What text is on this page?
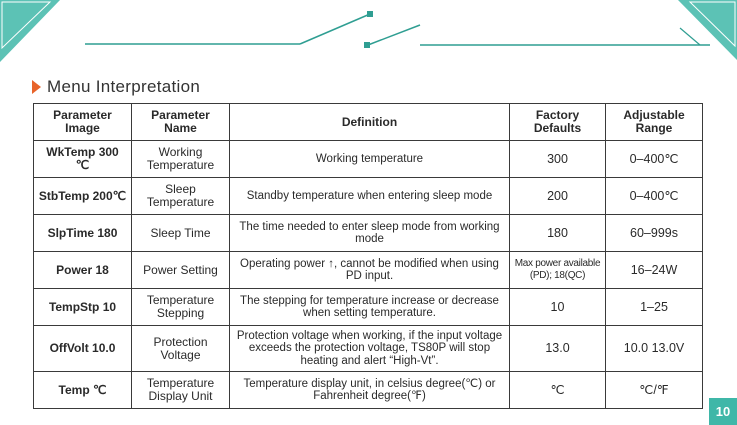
Menu Interpretation
Parameter Image	Parameter Name	Definition	Factory Defaults	Adjustable Range
WkTemp 300 ℃	Working Temperature	Working temperature	300	0–400℃
StbTemp 200℃	Sleep Temperature	Standby temperature when entering sleep mode	200	0–400℃
SlpTime 180	Sleep Time	The time needed to enter sleep mode from working mode	180	60–999s
Power 18	Power Setting	Operating power ↑, cannot be modified when using PD input.	Max power available (PD); 18(QC)	16–24W
TempStp 10	Temperature Stepping	The stepping for temperature increase or decrease when setting temperature.	10	1–25
OffVolt 10.0	Protection Voltage	Protection voltage when working, if the input voltage exceeds the protection voltage, TS80P will stop heating and alert “High-Vt”.	13.0	10.0 13.0V
Temp ℃	Temperature Display Unit	Temperature display unit, in celsius degree(℃) or Fahrenheit degree(℉)	℃	℃/℉
10
